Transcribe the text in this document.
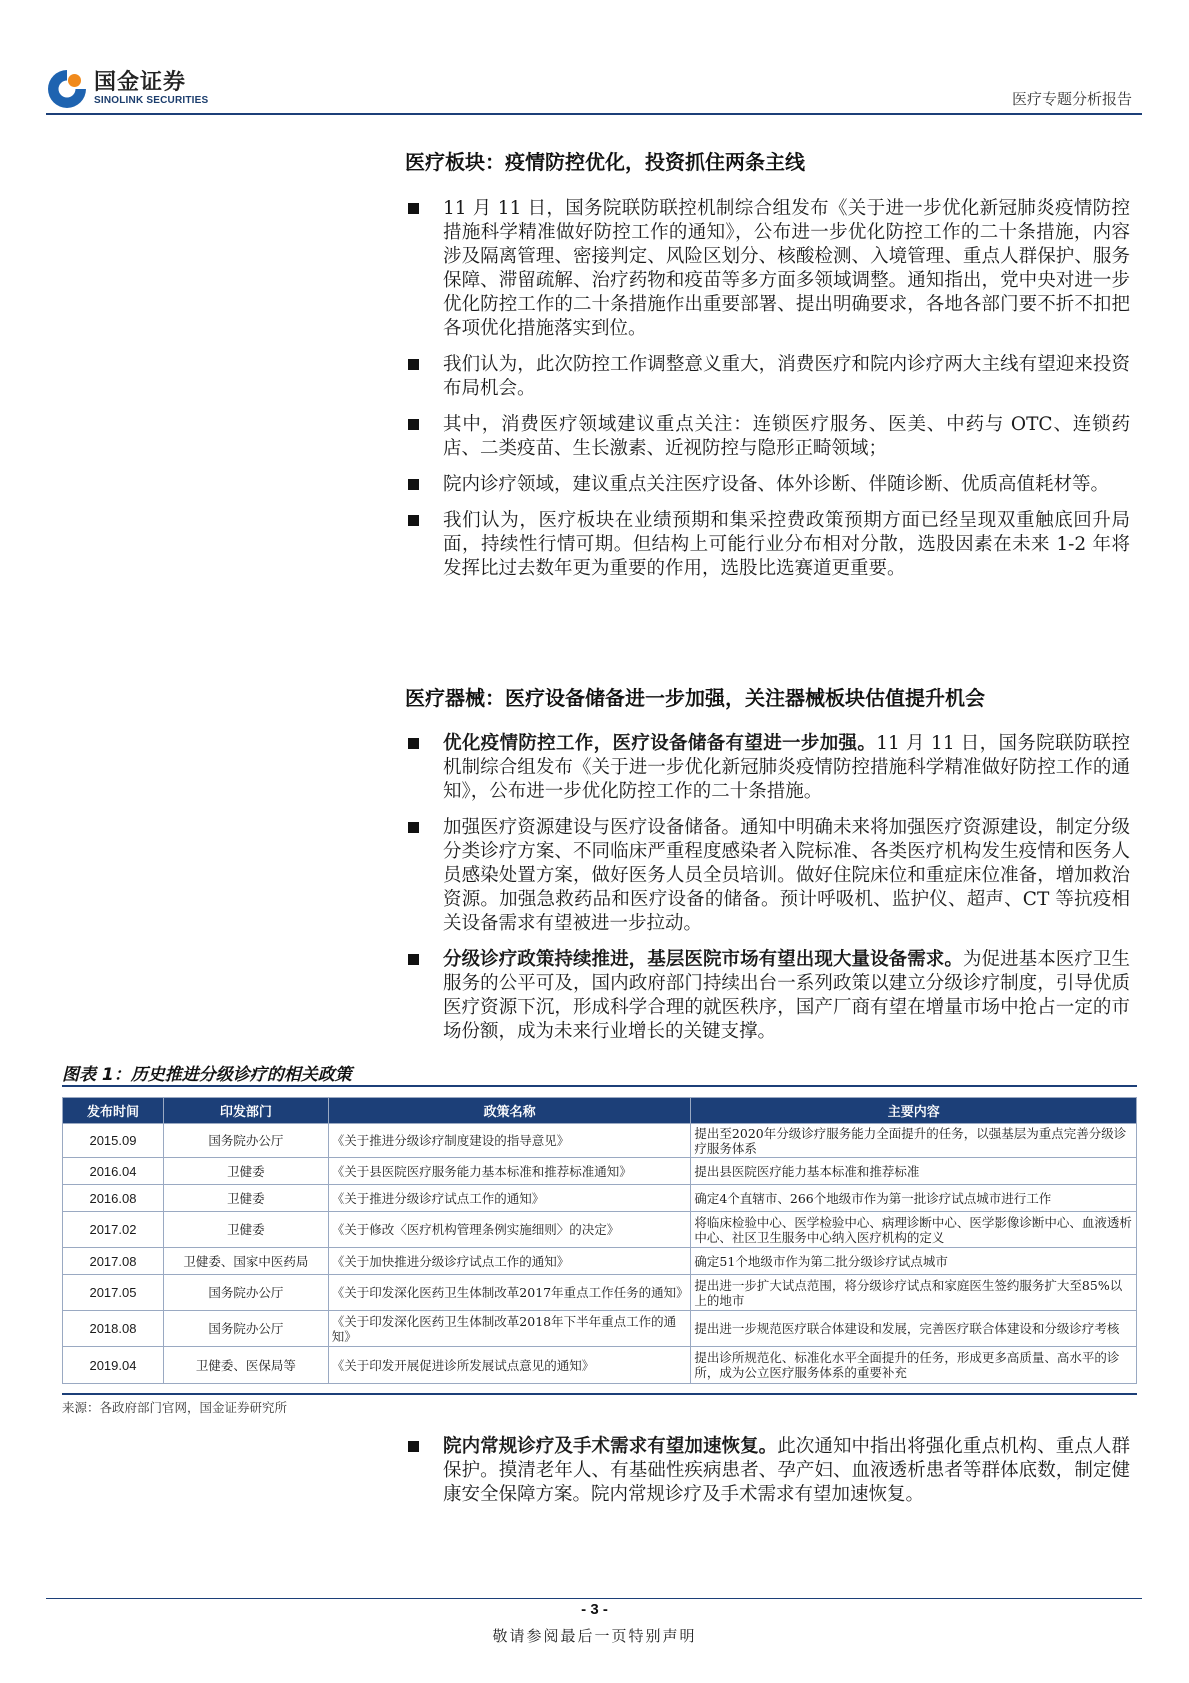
国金证券
SINOLINK SECURITIES	医疗专题分析报告
医疗板块：疫情防控优化，投资抓住两条主线
11 月 11 日，国务院联防联控机制综合组发布《关于进一步优化新冠肺炎疫情防控措施科学精准做好防控工作的通知》，公布进一步优化防控工作的二十条措施，内容涉及隔离管理、密接判定、风险区划分、核酸检测、入境管理、重点人群保护、服务保障、滞留疏解、治疗药物和疫苗等多方面多领域调整。通知指出，党中央对进一步优化防控工作的二十条措施作出重要部署、提出明确要求，各地各部门要不折不扣把各项优化措施落实到位。
我们认为，此次防控工作调整意义重大，消费医疗和院内诊疗两大主线有望迎来投资布局机会。
其中，消费医疗领域建议重点关注：连锁医疗服务、医美、中药与 OTC、连锁药店、二类疫苗、生长激素、近视防控与隐形正畸领域；
院内诊疗领域，建议重点关注医疗设备、体外诊断、伴随诊断、优质高值耗材等。
我们认为，医疗板块在业绩预期和集采控费政策预期方面已经呈现双重触底回升局面，持续性行情可期。但结构上可能行业分布相对分散，选股因素在未来 1-2 年将发挥比过去数年更为重要的作用，选股比选赛道更重要。
医疗器械：医疗设备储备进一步加强，关注器械板块估值提升机会
优化疫情防控工作，医疗设备储备有望进一步加强。11 月 11 日，国务院联防联控机制综合组发布《关于进一步优化新冠肺炎疫情防控措施科学精准做好防控工作的通知》，公布进一步优化防控工作的二十条措施。
加强医疗资源建设与医疗设备储备。通知中明确未来将加强医疗资源建设，制定分级分类诊疗方案、不同临床严重程度感染者入院标准、各类医疗机构发生疫情和医务人员感染处置方案，做好医务人员全员培训。做好住院床位和重症床位准备，增加救治资源。加强急救药品和医疗设备的储备。预计呼吸机、监护仪、超声、CT 等抗疫相关设备需求有望被进一步拉动。
分级诊疗政策持续推进，基层医院市场有望出现大量设备需求。为促进基本医疗卫生服务的公平可及，国内政府部门持续出台一系列政策以建立分级诊疗制度，引导优质医疗资源下沉，形成科学合理的就医秩序，国产厂商有望在增量市场中抢占一定的市场份额，成为未来行业增长的关键支撑。
图表 1：历史推进分级诊疗的相关政策
发布时间	印发部门	政策名称	主要内容
2015.09	国务院办公厅	《关于推进分级诊疗制度建设的指导意见》	提出至2020年分级诊疗服务能力全面提升的任务，以强基层为重点完善分级诊疗服务体系
2016.04	卫健委	《关于县医院医疗服务能力基本标准和推荐标准通知》	提出县医院医疗能力基本标准和推荐标准
2016.08	卫健委	《关于推进分级诊疗试点工作的通知》	确定4个直辖市、266个地级市作为第一批诊疗试点城市进行工作
2017.02	卫健委	《关于修改〈医疗机构管理条例实施细则〉的决定》	将临床检验中心、医学检验中心、病理诊断中心、医学影像诊断中心、血液透析中心、社区卫生服务中心纳入医疗机构的定义
2017.08	卫健委、国家中医药局	《关于加快推进分级诊疗试点工作的通知》	确定51个地级市作为第二批分级诊疗试点城市
2017.05	国务院办公厅	《关于印发深化医药卫生体制改革2017年重点工作任务的通知》	提出进一步扩大试点范围，将分级诊疗试点和家庭医生签约服务扩大至85%以上的地市
2018.08	国务院办公厅	《关于印发深化医药卫生体制改革2018年下半年重点工作的通知》	提出进一步规范医疗联合体建设和发展，完善医疗联合体建设和分级诊疗考核
2019.04	卫健委、医保局等	《关于印发开展促进诊所发展试点意见的通知》	提出诊所规范化、标准化水平全面提升的任务，形成更多高质量、高水平的诊所，成为公立医疗服务体系的重要补充
来源：各政府部门官网，国金证券研究所
院内常规诊疗及手术需求有望加速恢复。此次通知中指出将强化重点机构、重点人群保护。摸清老年人、有基础性疾病患者、孕产妇、血液透析患者等群体底数，制定健康安全保障方案。院内常规诊疗及手术需求有望加速恢复。
- 3 -
敬请参阅最后一页特别声明
